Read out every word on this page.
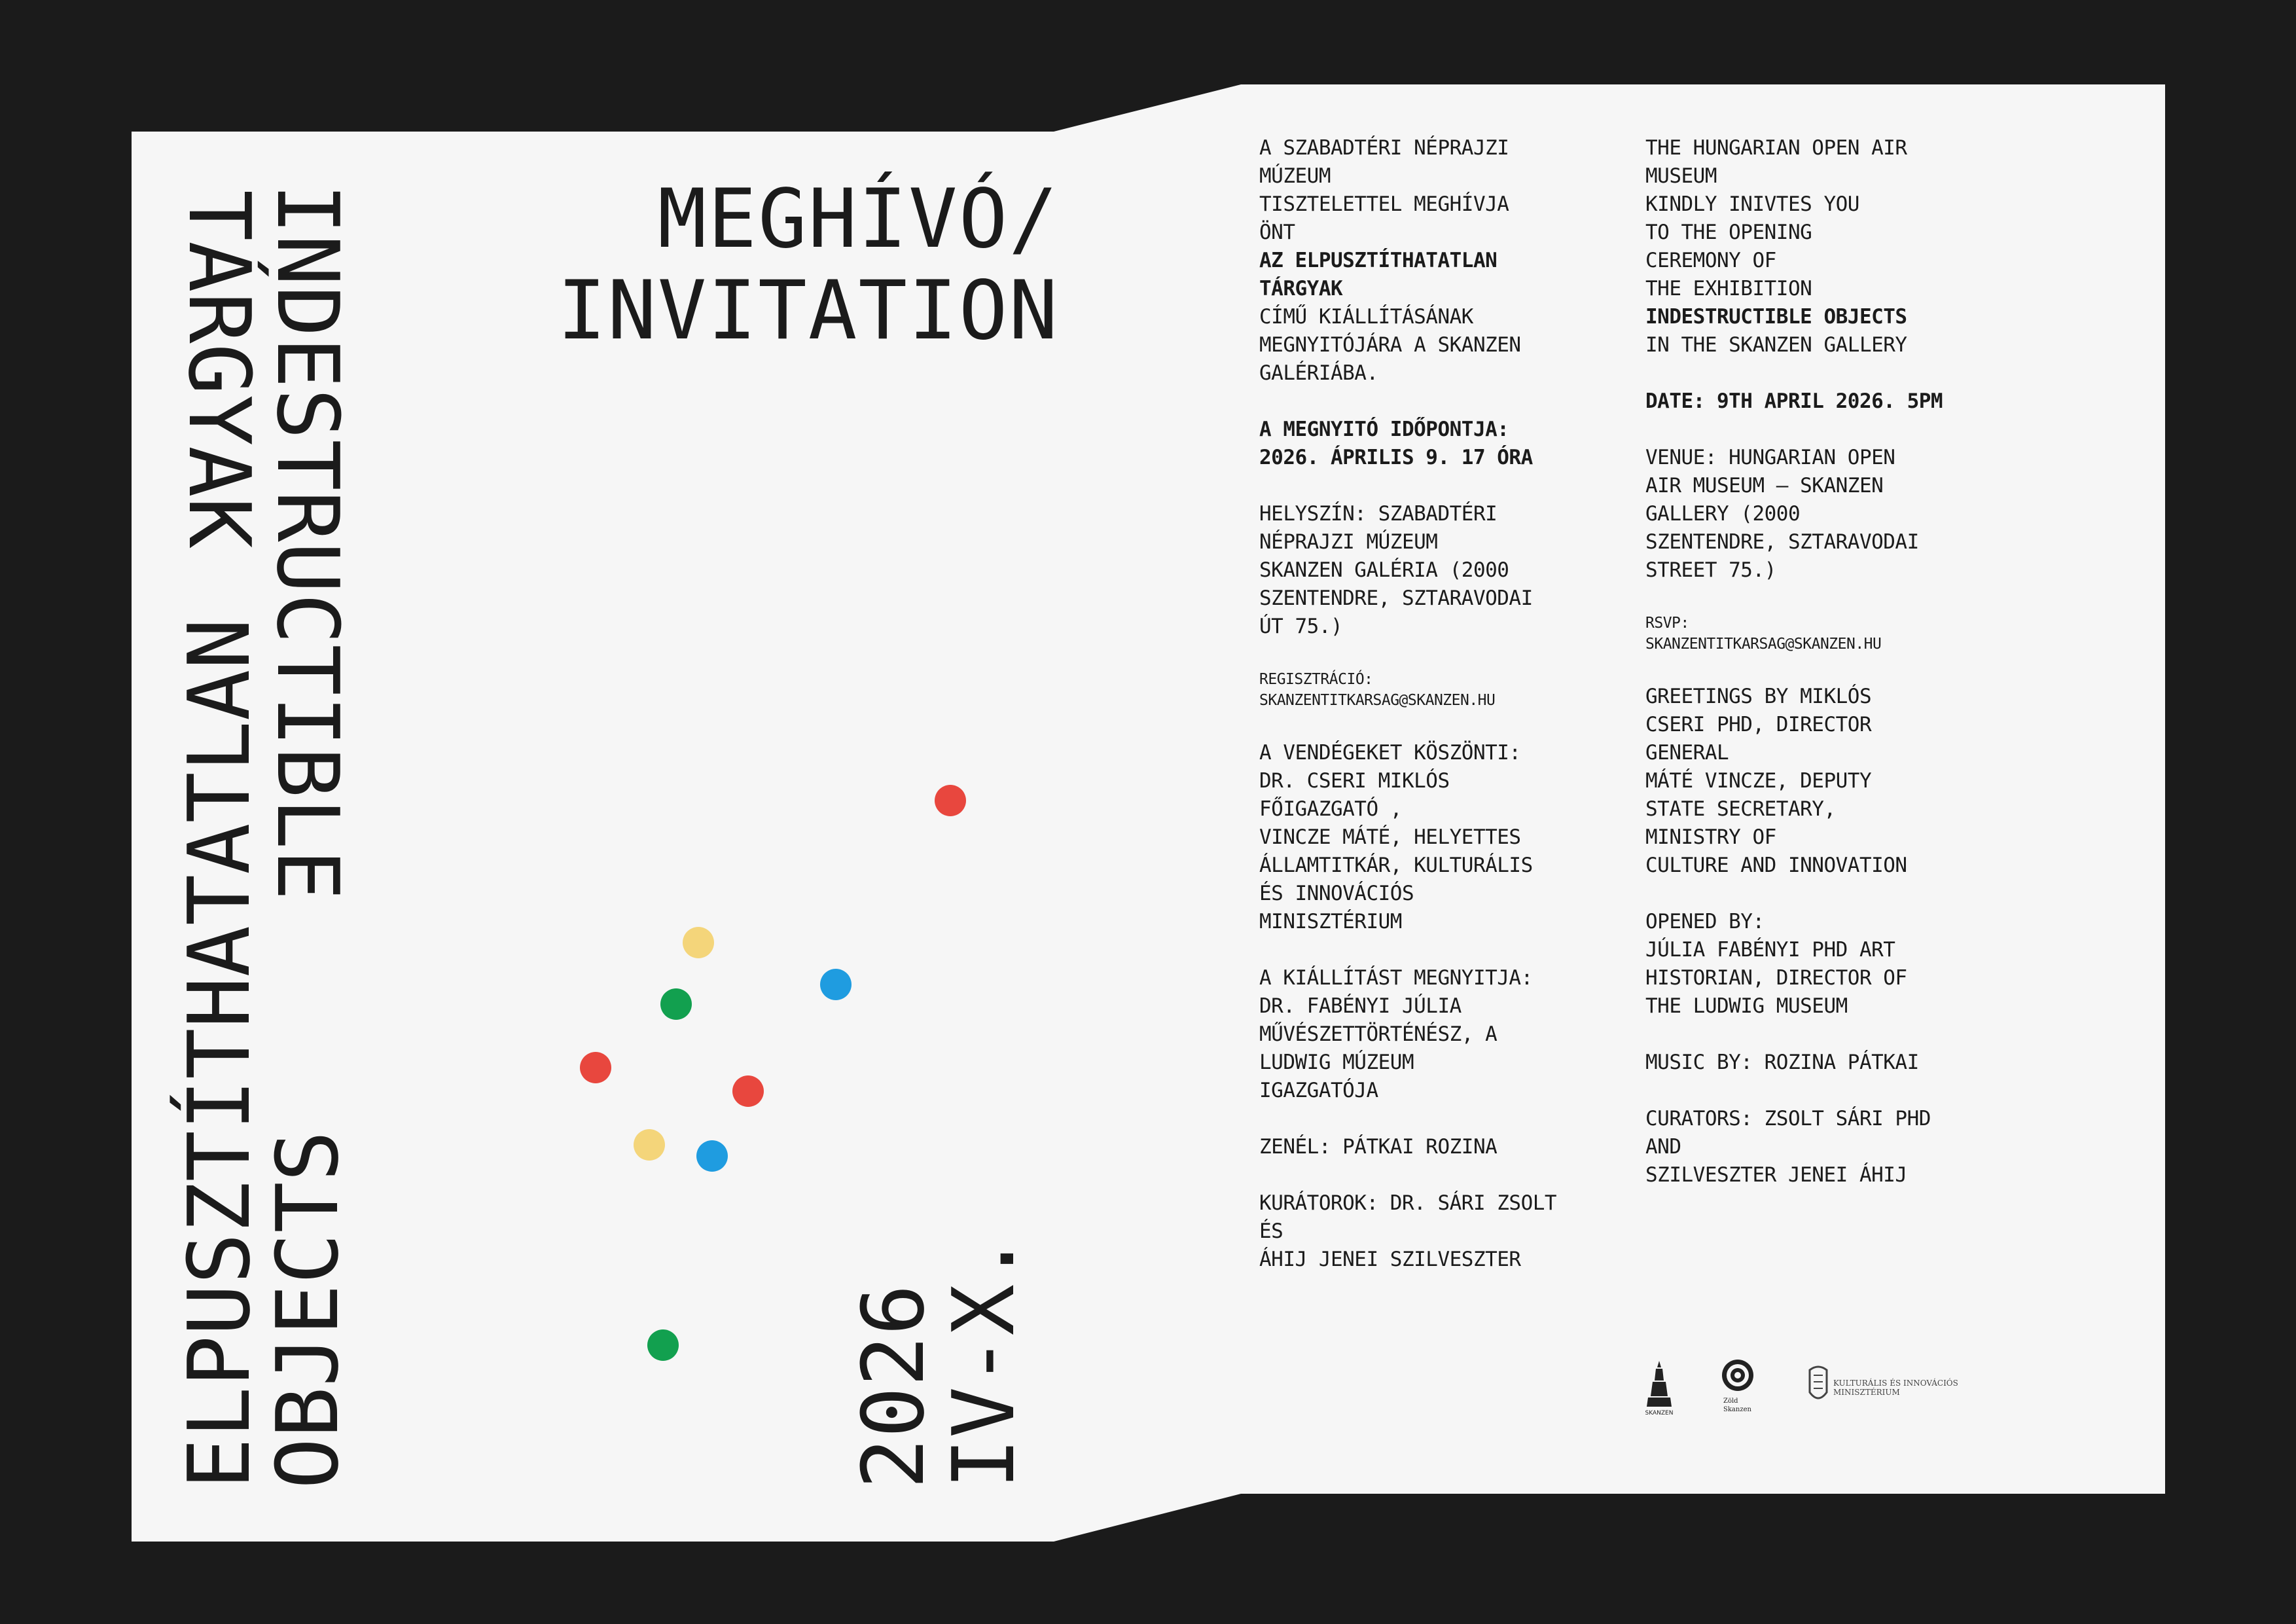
INDESTRUCTIBLE
TÁRGYAK
OBJECTS
ELPUSZTÍTHATATLAN	2026
IV-X.
MEGHÍVÓ/
INVITATION

A SZABADTÉRI NÉPRAJZI
MÚZEUM
TISZTELETTEL MEGHÍVJA
ÖNT
AZ ELPUSZTÍTHATATLAN
TÁRGYAK
CÍMŰ KIÁLLÍTÁSÁNAK
MEGNYITÓJÁRA A SKANZEN
GALÉRIÁBA.

A MEGNYITÓ IDŐPONTJA:
2026. ÁPRILIS 9. 17 ÓRA

HELYSZÍN: SZABADTÉRI
NÉPRAJZI MÚZEUM
SKANZEN GALÉRIA (2000
SZENTENDRE, SZTARAVODAI
ÚT 75.)

REGISZTRÁCIÓ:
SKANZENTITKARSAG@SKANZEN.HU

A VENDÉGEKET KÖSZÖNTI:
DR. CSERI MIKLÓS
FŐIGAZGATÓ ,
VINCZE MÁTÉ, HELYETTES
ÁLLAMTITKÁR, KULTURÁLIS
ÉS INNOVÁCIÓS
MINISZTÉRIUM

A KIÁLLÍTÁST MEGNYITJA:
DR. FABÉNYI JÚLIA
MŰVÉSZETTÖRTÉNÉSZ, A
LUDWIG MÚZEUM
IGAZGATÓJA

ZENÉL: PÁTKAI ROZINA

KURÁTOROK: DR. SÁRI ZSOLT
ÉS
ÁHIJ JENEI SZILVESZTER

THE HUNGARIAN OPEN AIR
MUSEUM
KINDLY INIVTES YOU
TO THE OPENING
CEREMONY OF
THE EXHIBITION
INDESTRUCTIBLE OBJECTS
IN THE SKANZEN GALLERY

DATE: 9TH APRIL 2026. 5PM

VENUE: HUNGARIAN OPEN
AIR MUSEUM – SKANZEN
GALLERY (2000
SZENTENDRE, SZTARAVODAI
STREET 75.)

RSVP:
SKANZENTITKARSAG@SKANZEN.HU

GREETINGS BY MIKLÓS
CSERI PHD, DIRECTOR
GENERAL
MÁTÉ VINCZE, DEPUTY
STATE SECRETARY,
MINISTRY OF
CULTURE AND INNOVATION

OPENED BY:
JÚLIA FABÉNYI PHD ART
HISTORIAN, DIRECTOR OF
THE LUDWIG MUSEUM

MUSIC BY: ROZINA PÁTKAI

CURATORS: ZSOLT SÁRI PHD
AND
SZILVESZTER JENEI ÁHIJ

SKANZEN
Zöld
Skanzen
KULTURÁLIS ÉS INNOVÁCIÓS
MINISZTÉRIUM
